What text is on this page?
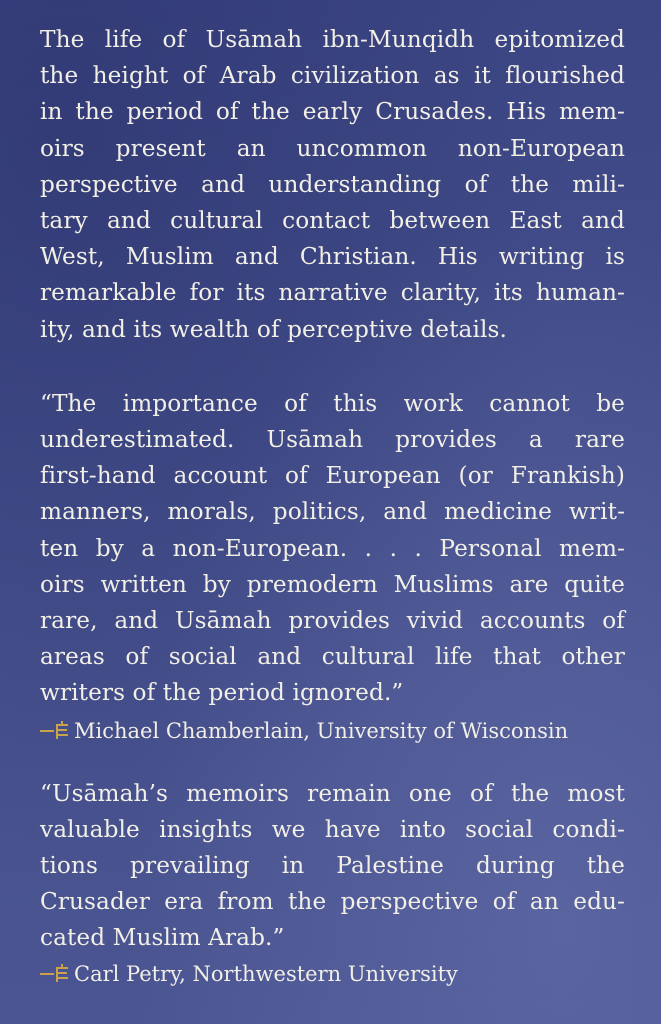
The life of Usāmah ibn-Munqidh epitomized
the height of Arab civilization as it flourished
in the period of the early Crusades. His mem-
oirs present an uncommon non-European
perspective and understanding of the mili-
tary and cultural contact between East and
West, Muslim and Christian. His writing is
remarkable for its narrative clarity, its human-
ity, and its wealth of perceptive details.
“The importance of this work cannot be
underestimated. Usāmah provides a rare
first-hand account of European (or Frankish)
manners, morals, politics, and medicine writ-
ten by a non-European. . . . Personal mem-
oirs written by premodern Muslims are quite
rare, and Usāmah provides vivid accounts of
areas of social and cultural life that other
writers of the period ignored.”
Michael Chamberlain, University of Wisconsin
“Usāmah’s memoirs remain one of the most
valuable insights we have into social condi-
tions prevailing in Palestine during the
Crusader era from the perspective of an edu-
cated Muslim Arab.”
Carl Petry, Northwestern University
